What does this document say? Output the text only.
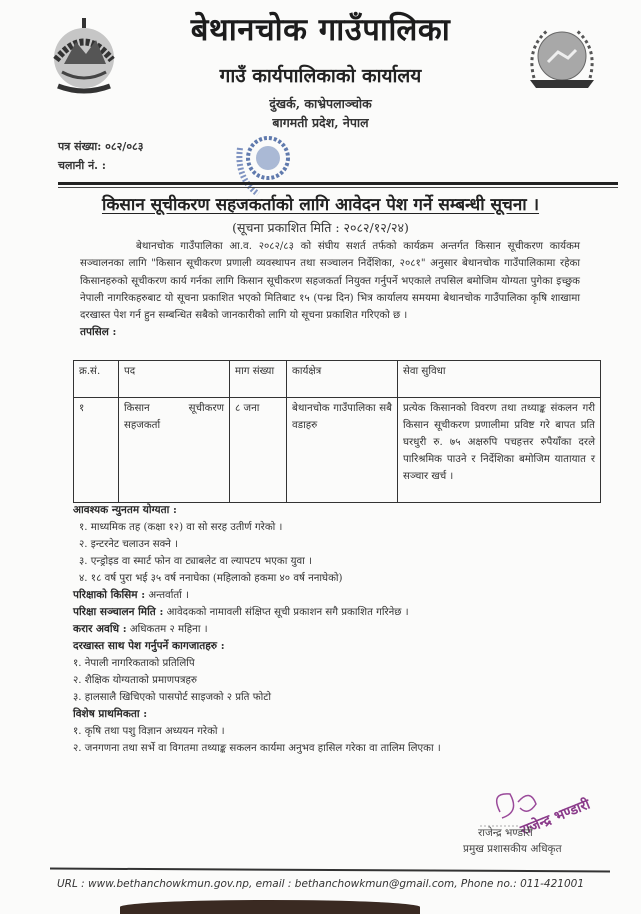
बेथानचोक गाउँपालिका
गाउँ कार्यपालिकाको कार्यालय
दुंखर्क, काभ्रेपलाञ्चोक
बागमती प्रदेश, नेपाल
पत्र संख्या: ०८२/०८३
चलानी नं. :
किसान सूचीकरण सहजकर्ताको लागि आवेदन पेश गर्ने सम्बन्धी सूचना ।
(सूचना प्रकाशित मिति : २०८२/१२/२४)
बेथानचोक गाउँपालिका आ.व. २०८२/८३ को संघीय सशर्त तर्फको कार्यक्रम अन्तर्गत किसान सूचीकरण कार्यकम सञ्चालनका लागि "किसान सूचीकरण प्रणाली व्यवस्थापन तथा सञ्चालन निर्देशिका, २०८१" अनुसार बेथानचोक गाउँपालिकामा रहेका किसानहरुको सूचीकरण कार्य गर्नका लागि किसान सूचीकरण सहजकर्ता नियुक्त गर्नुपर्ने भएकाले तपसिल बमोजिम योग्यता पुगेका इच्छुक नेपाली नागरिकहरुबाट यो सूचना प्रकाशित भएको मितिबाट १५ (पन्ध्र दिन) भित्र कार्यालय समयमा बेथानचोक गाउँपालिका कृषि शाखामा दरखास्त पेश गर्न हुन सम्बन्धित सबैको जानकारीको लागि यो सूचना प्रकाशित गरिएको छ ।
तपसिल :
क्र.सं.	पद	माग संख्या	कार्यक्षेत्र	सेवा सुविधा
१	किसान सूचीकरण सहजकर्ता	८ जना	बेथानचोक गाउँपालिका सबै वडाहरु	प्रत्येक किसानको विवरण तथा तथ्याङ्क संकलन गरी किसान सूचीकरण प्रणालीमा प्रविष्ट गरे बापत प्रति घरधुरी रु. ७५ अक्षरुपि पचहत्तर रुपैयाँका दरले पारिश्रमिक पाउने र निर्देशिका बमोजिम यातायात र सञ्चार खर्च ।
आवश्यक न्युनतम योग्यता :
१. माध्यमिक तह (कक्षा १२) वा सो सरह उतीर्ण गरेको ।
२. इन्टरनेट चलाउन सक्ने ।
३. एन्ड्रोइड वा स्मार्ट फोन वा ट्याबलेट वा ल्यापटप भएका युवा ।
४. १८ वर्ष पुरा भई ३५ वर्ष ननाघेका (महिलाको हकमा ४० वर्ष ननाघेको)
परिक्षाको किसिम : अन्तर्वार्ता ।
परिक्षा सञ्चालन मिति : आवेदकको नामावली संक्षिप्त सूची प्रकाशन सगै प्रकाशित गरिनेछ ।
करार अवधि : अधिकतम २ महिना ।
दरखास्त साथ पेश गर्नुपर्ने कागजातहरु :
१. नेपाली नागरिकताको प्रतिलिपि
२. शैक्षिक योग्यताको प्रमाणपत्रहरु
३. हालसालै खिचिएको पासपोर्ट साइजको २ प्रति फोटो
विशेष प्राथमिकता :
१. कृषि तथा पशु विज्ञान अध्ययन गरेको ।
२. जनगणना तथा सर्भे वा विगतमा तथ्याङ्क सकलन कार्यमा अनुभव हासिल गरेका वा तालिम लिएका ।
राजेन्द्र भण्डारी
राजेन्द्र भण्डारी
प्रमुख प्रशासकीय अधिकृत
URL : www.bethanchowkmun.gov.np, email : bethanchowkmun@gmail.com, Phone no.: 011-421001
